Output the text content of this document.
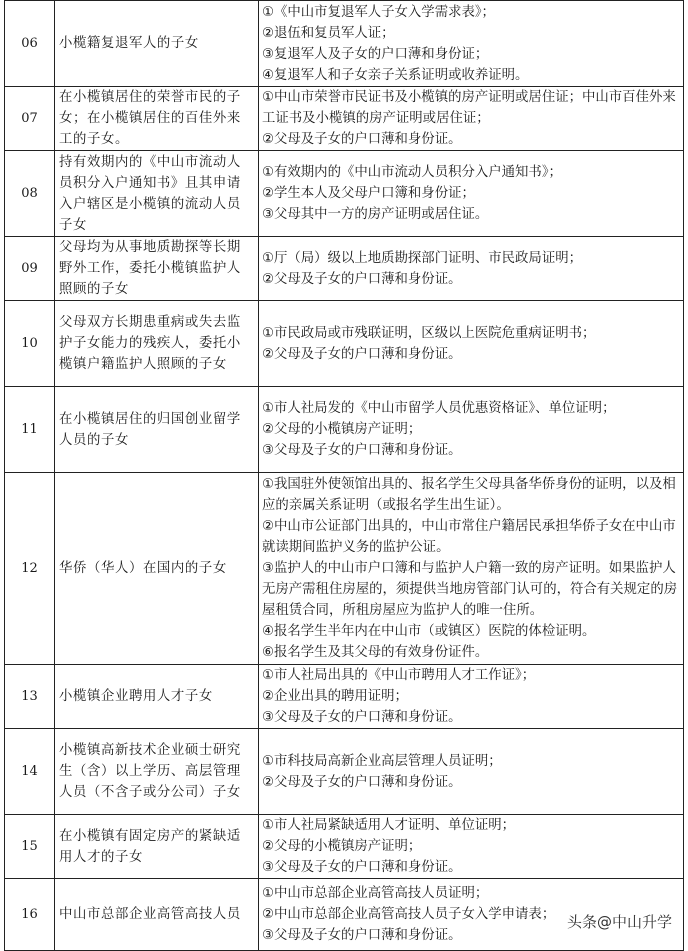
06	小榄籍复退军人的子女	①《中山市复退军人子女入学需求表》；
②退伍和复员军人证；
③复退军人及子女的户口薄和身份证；
④复退军人和子女亲子关系证明或收养证明。

07	在小榄镇居住的荣誉市民的子女；在小榄镇居住的百佳外来工的子女。	①中山市荣誉市民证书及小榄镇的房产证明或居住证；中山市百佳外来工证书及小榄镇的房产证明或居住证；
②父母及子女的户口薄和身份证。

08	持有效期内的《中山市流动人员积分入户通知书》且其申请入户辖区是小榄镇的流动人员子女	①有效期内的《中山市流动人员积分入户通知书》；
②学生本人及父母户口簿和身份证；
③父母其中一方的房产证明或居住证。

09	父母均为从事地质勘探等长期野外工作，委托小榄镇监护人照顾的子女	①厅（局）级以上地质勘探部门证明、市民政局证明；
②父母及子女的户口薄和身份证。

10	父母双方长期患重病或失去监护子女能力的残疾人，委托小榄镇户籍监护人照顾的子女	①市民政局或市残联证明，区级以上医院危重病证明书；
②父母及子女的户口薄和身份证。

11	在小榄镇居住的归国创业留学人员的子女	①市人社局发的《中山市留学人员优惠资格证》、单位证明；
②父母的小榄镇房产证明；
③父母及子女的户口薄和身份证。

12	华侨（华人）在国内的子女	①我国驻外使领馆出具的、报名学生父母具备华侨身份的证明，以及相应的亲属关系证明（或报名学生出生证）。
②中山市公证部门出具的，中山市常住户籍居民承担华侨子女在中山市就读期间监护义务的监护公证。
③监护人的中山市户口簿和与监护人户籍一致的房产证明。如果监护人无房产需租住房屋的，须提供当地房管部门认可的，符合有关规定的房屋租赁合同，所租房屋应为监护人的唯一住所。
④报名学生半年内在中山市（或镇区）医院的体检证明。
⑥报名学生及其父母的有效身份证件。

13	小榄镇企业聘用人才子女	①市人社局出具的《中山市聘用人才工作证》；
②企业出具的聘用证明；
③父母及子女的户口薄和身份证。

14	小榄镇高新技术企业硕士研究生（含）以上学历、高层管理人员（不含子或分公司）子女	①市科技局高新企业高层管理人员证明；
②父母及子女的户口薄和身份证。

15	在小榄镇有固定房产的紧缺适用人才的子女	①市人社局紧缺适用人才证明、单位证明；
②父母的小榄镇房产证明；
③父母及子女的户口薄和身份证。

16	中山市总部企业高管高技人员	①中山市总部企业高管高技人员证明；
②中山市总部企业高管高技人员子女入学申请表；
③父母及子女的户口薄和身份证。
头条@中山升学
